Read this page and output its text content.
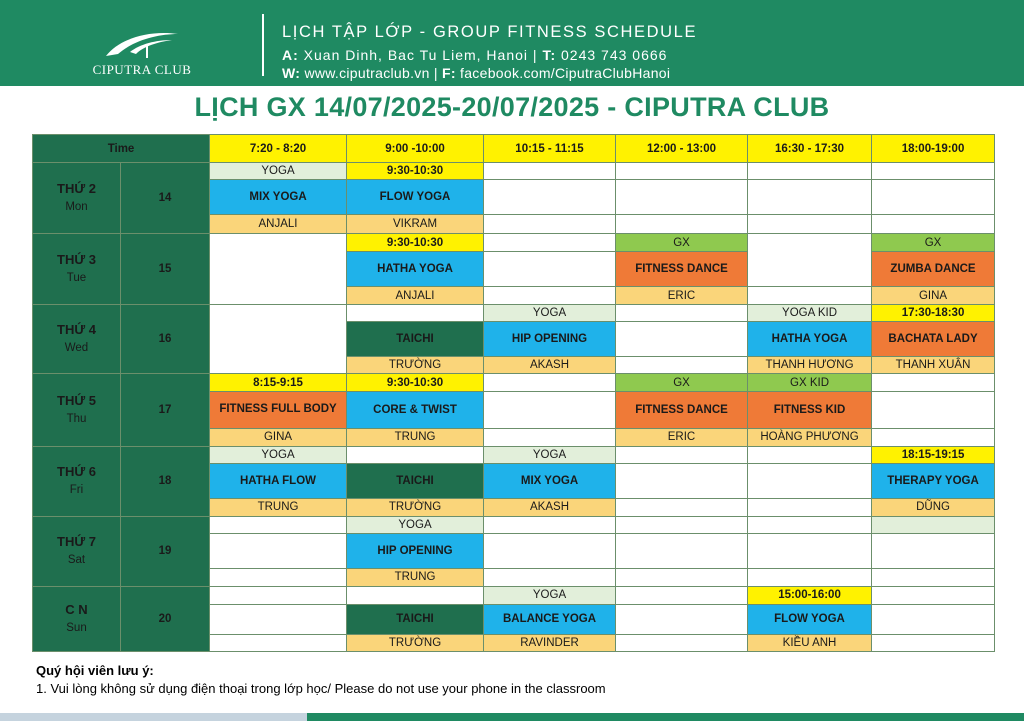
CIPUTRA CLUB
LỊCH TẬP LỚP - GROUP FITNESS SCHEDULE
A: Xuan Dinh, Bac Tu Liem, Hanoi | T: 0243 743 0666
W: www.ciputraclub.vn | F: facebook.com/CiputraClubHanoi
LỊCH GX 14/07/2025-20/07/2025 - CIPUTRA CLUB
Time		7:20 - 8:20	9:00 -10:00	10:15 - 11:15	12:00 - 13:00	16:30 - 17:30	18:00-19:00
THỨ 2
Mon	14	YOGA	9:30-10:30				
		MIX YOGA	FLOW YOGA				
		ANJALI	VIKRAM				
THỨ 3
Tue	15		9:30-10:30		GX		GX
			HATHA YOGA		FITNESS DANCE		ZUMBA DANCE
			ANJALI		ERIC		GINA
THỨ 4
Wed	16			YOGA		YOGA KID	17:30-18:30
			TAICHI	HIP OPENING		HATHA YOGA	BACHATA LADY
			TRƯỜNG	AKASH		THANH HƯƠNG	THANH XUÂN
THỨ 5
Thu	17	8:15-9:15	9:30-10:30		GX	GX KID	
		FITNESS FULL BODY	CORE & TWIST		FITNESS DANCE	FITNESS KID	
		GINA	TRUNG		ERIC	HOÀNG PHƯƠNG	
THỨ 6
Fri	18	YOGA		YOGA			18:15-19:15
		HATHA FLOW	TAICHI	MIX YOGA			THERAPY YOGA
		TRUNG	TRƯỜNG	AKASH			DŨNG
THỨ 7
Sat	19		YOGA				
			HIP OPENING				
			TRUNG				
C N
Sun	20			YOGA		15:00-16:00	
			TAICHI	BALANCE YOGA		FLOW YOGA	
			TRƯỜNG	RAVINDER		KIỀU ANH	
Quý hội viên lưu ý:
1. Vui lòng không sử dụng điện thoại trong lớp học/ Please do not use your phone in the classroom
